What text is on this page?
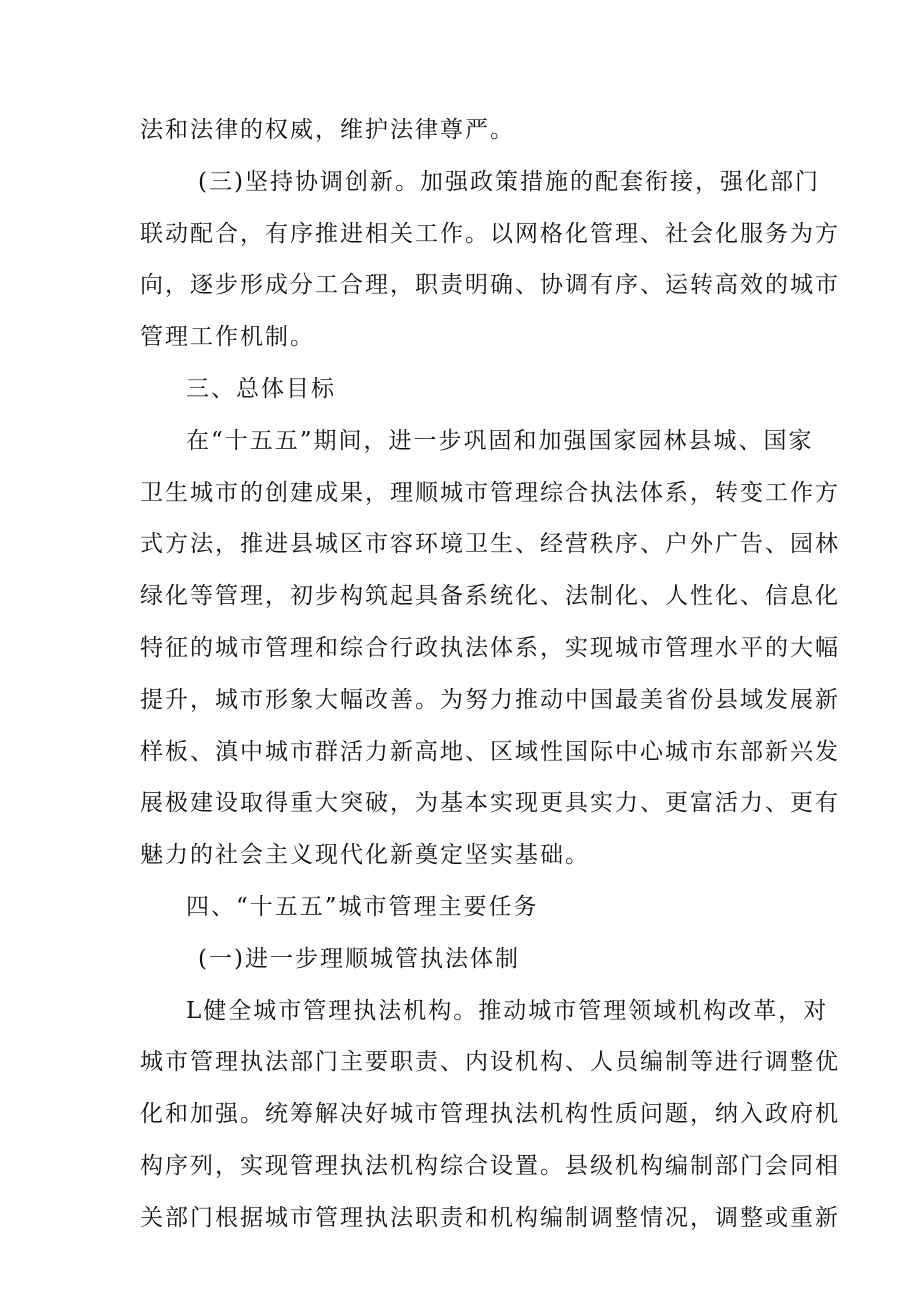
法和法律的权威，维护法律尊严。
(三)坚持协调创新。加强政策措施的配套衔接，强化部门
联动配合，有序推进相关工作。以网格化管理、社会化服务为方
向，逐步形成分工合理，职责明确、协调有序、运转高效的城市
管理工作机制。
三、总体目标
在“十五五”期间，进一步巩固和加强国家园林县城、国家
卫生城市的创建成果，理顺城市管理综合执法体系，转变工作方
式方法，推进县城区市容环境卫生、经营秩序、户外广告、园林
绿化等管理，初步构筑起具备系统化、法制化、人性化、信息化
特征的城市管理和综合行政执法体系，实现城市管理水平的大幅
提升，城市形象大幅改善。为努力推动中国最美省份县域发展新
样板、滇中城市群活力新高地、区域性国际中心城市东部新兴发
展极建设取得重大突破，为基本实现更具实力、更富活力、更有
魅力的社会主义现代化新奠定坚实基础。
四、“十五五”城市管理主要任务
(一)进一步理顺城管执法体制
L健全城市管理执法机构。推动城市管理领域机构改革，对
城市管理执法部门主要职责、内设机构、人员编制等进行调整优
化和加强。统筹解决好城市管理执法机构性质问题，纳入政府机
构序列，实现管理执法机构综合设置。县级机构编制部门会同相
关部门根据城市管理执法职责和机构编制调整情况，调整或重新
